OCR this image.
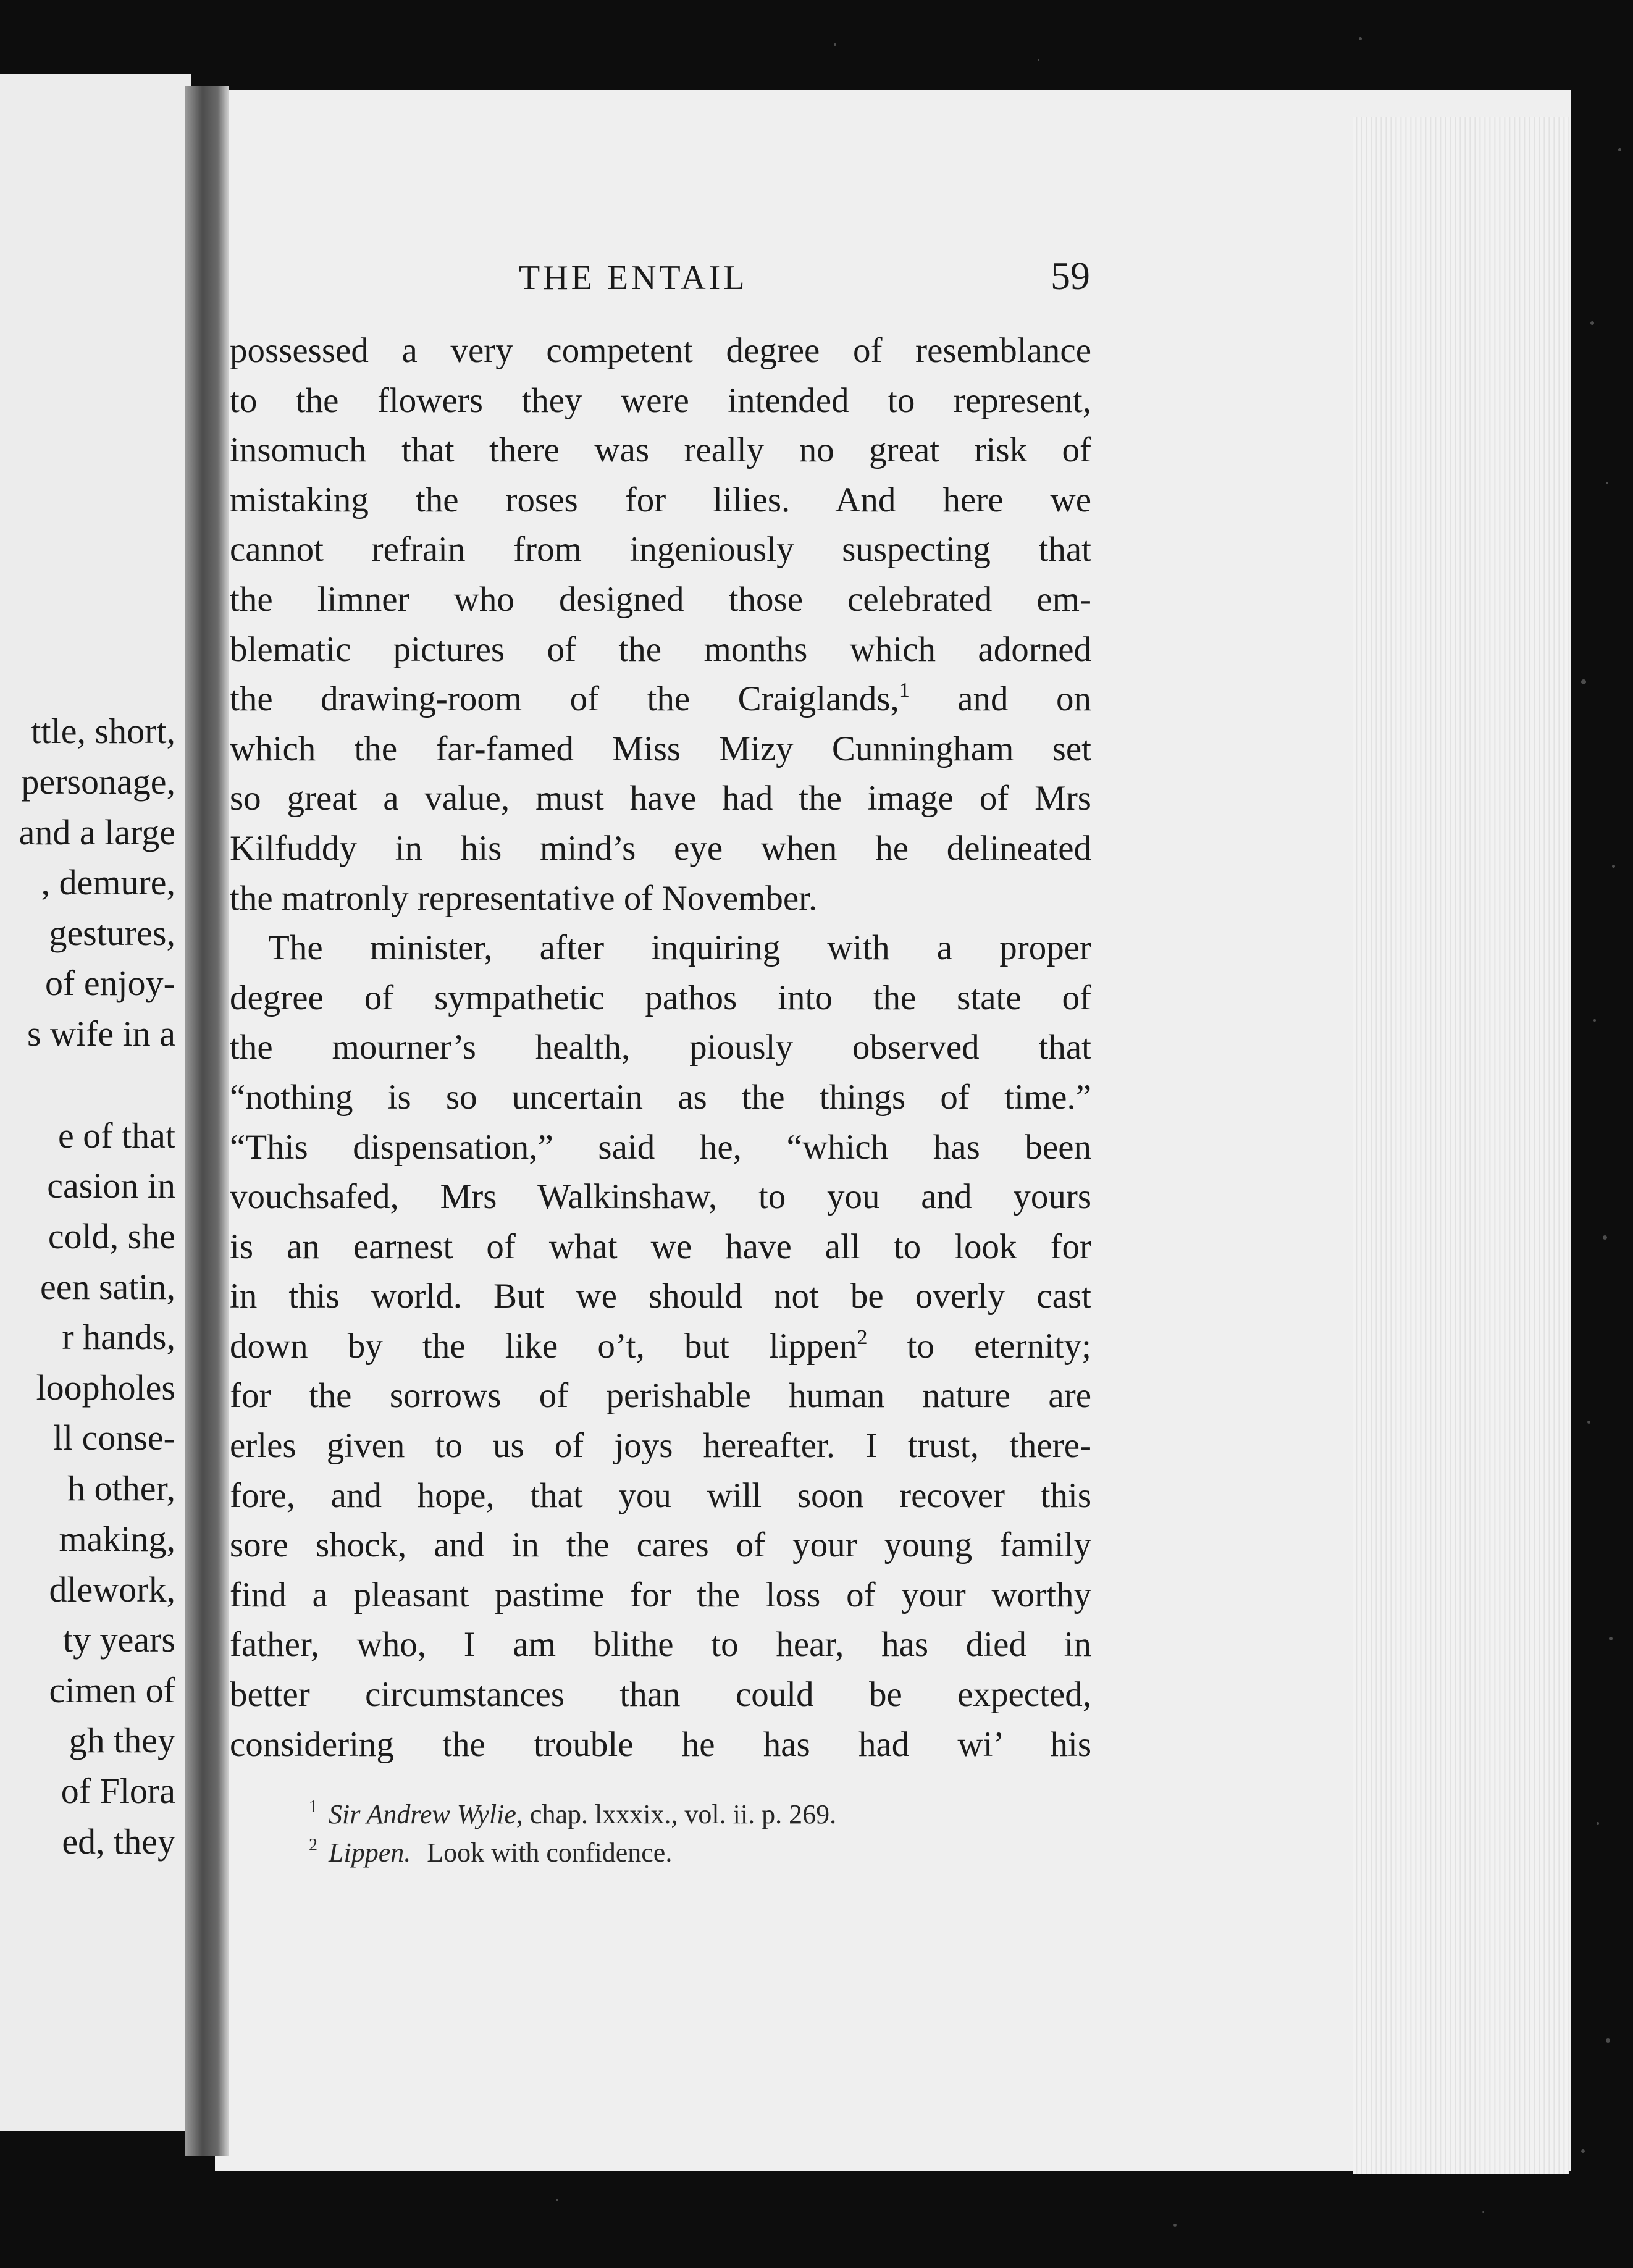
ttle, short,
personage,
and a large
, demure,
gestures,
of enjoy-
s wife in a
e of that
casion in
cold, she
een satin,
r hands,
loopholes
ll conse-
h other,
making,
dlework,
ty years
cimen of
gh they
of Flora
ed, they
THE ENTAIL	59
possessed a very competent degree of resemblance
to the flowers they were intended to represent,
insomuch that there was really no great risk of
mistaking the roses for lilies. And here we
cannot refrain from ingeniously suspecting that
the limner who designed those celebrated em-
blematic pictures of the months which adorned
the drawing-room of the Craiglands,$^1$ and on
which the far-famed Miss Mizy Cunningham set
so great a value, must have had the image of Mrs
Kilfuddy in his mind’s eye when he delineated
the matronly representative of November.
The minister, after inquiring with a proper
degree of sympathetic pathos into the state of
the mourner’s health, piously observed that
“nothing is so uncertain as the things of time.”
“This dispensation,” said he, “which has been
vouchsafed, Mrs Walkinshaw, to you and yours
is an earnest of what we have all to look for
in this world. But we should not be overly cast
down by the like o’t, but lippen$^2$ to eternity;
for the sorrows of perishable human nature are
erles given to us of joys hereafter. I trust, there-
fore, and hope, that you will soon recover this
sore shock, and in the cares of your young family
find a pleasant pastime for the loss of your worthy
father, who, I am blithe to hear, has died in
better circumstances than could be expected,
considering the trouble he has had wi’ his
$^1$ Sir Andrew Wylie, chap. lxxxix., vol. ii. p. 269.
$^2$ Lippen. Look with confidence.
